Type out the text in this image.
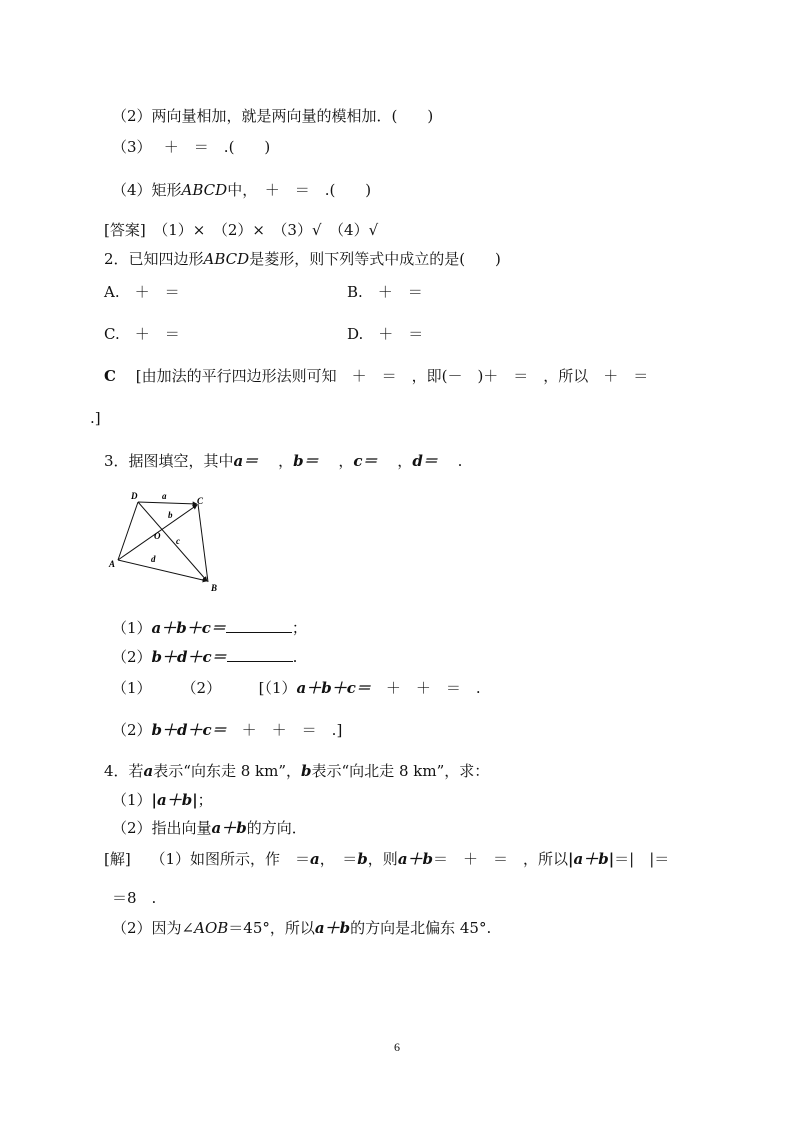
（2）两向量相加，就是两向量的模相加．(　　)
（3）　 ＋　＝　.(　　)
（4）矩形ABCD中，　＋　＝　.(　　)
[答案]　（1）×　（2）×　（3）√　（4）√
2．已知四边形ABCD是菱形，则下列等式中成立的是(　　)
A.　＋　＝	B.　＋　＝
C.　＋　＝	D.　＋　＝
C　 [由加法的平行四边形法则可知　＋　＝　，即(－　)＋　＝　，所以　＋　＝
.]
3．据图填空，其中a＝　 ，b＝　 ，c＝　 ，d＝　 .
D	C
A
B
O
a
b
c
d
（1）a＋b＋c＝	；
（2）b＋d＋c＝	.
（1）　　　（2）　　　[（1）a＋b＋c＝　＋　＋　＝　.
（2）b＋d＋c＝　＋　＋　＝　.]
4．若a表示“向东走 8 km”，b表示“向北走 8 km”，求：
（1）|a＋b|；
（2）指出向量a＋b的方向．
[解]　 （1）如图所示，作　＝a，　＝b，则a＋b＝　＋　＝　，所以|a＋b|＝|　|＝
＝8　.
（2）因为∠AOB＝45°，所以a＋b的方向是北偏东 45°.
6
